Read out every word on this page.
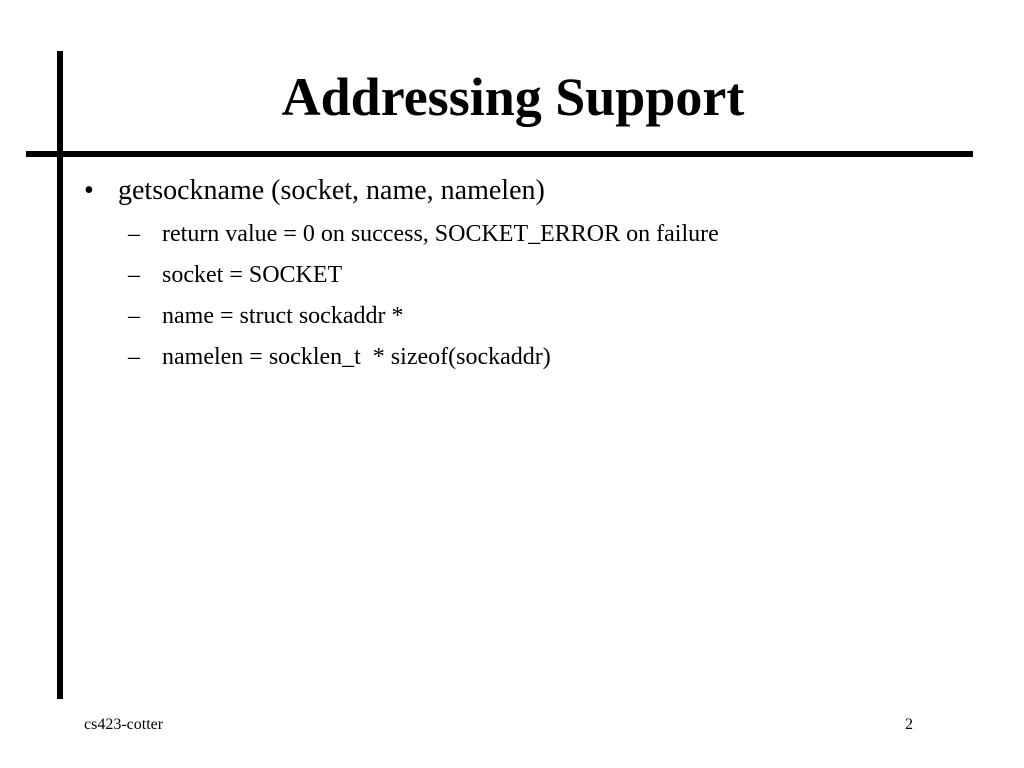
Addressing Support
• getsockname (socket, name, namelen)
– return value = 0 on success, SOCKET_ERROR on failure
– socket = SOCKET
– name = struct sockaddr *
– namelen = socklen_t  * sizeof(sockaddr)
cs423-cotter	2
